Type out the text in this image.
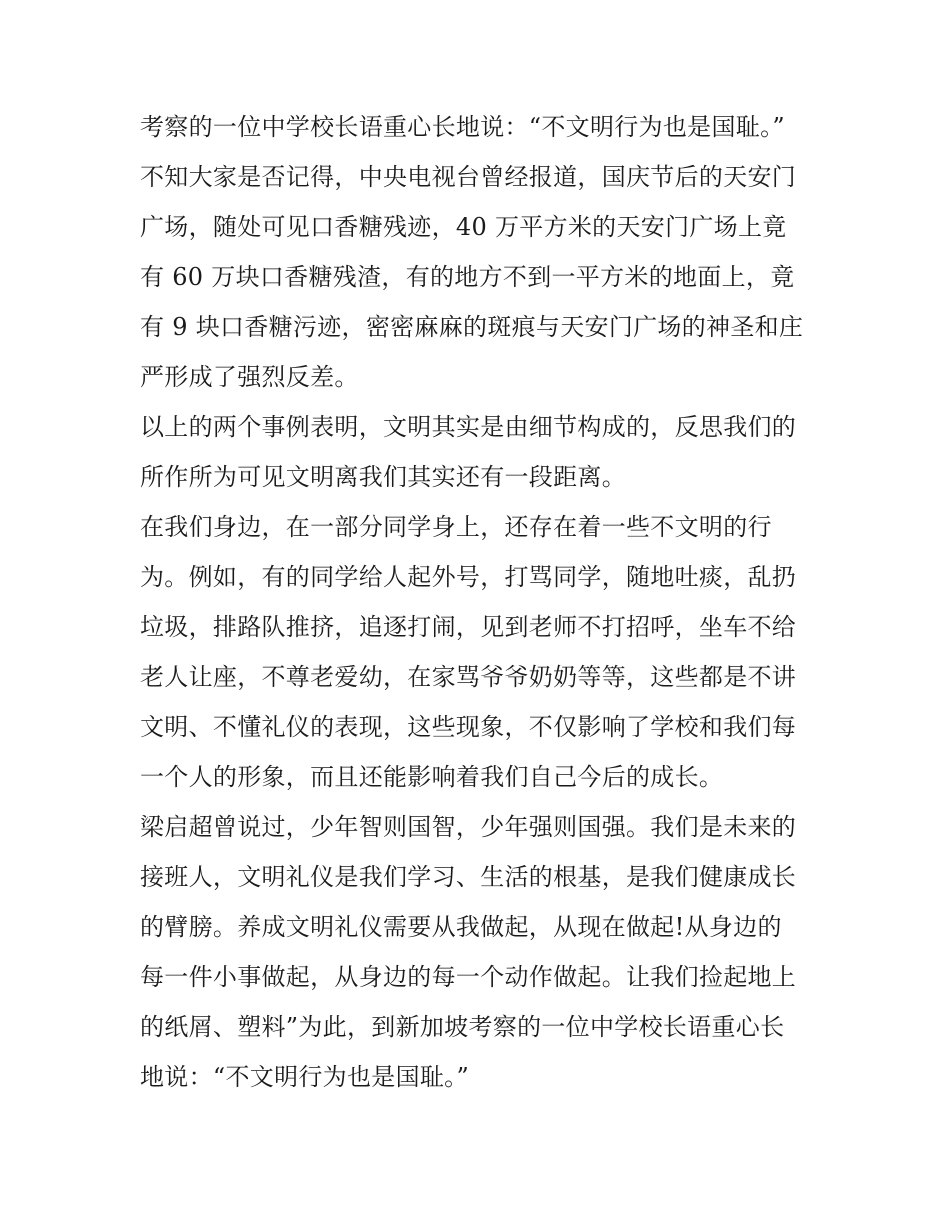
考察的一位中学校长语重心长地说：“不文明行为也是国耻。”
不知大家是否记得，中央电视台曾经报道，国庆节后的天安门
广场，随处可见口香糖残迹，40 万平方米的天安门广场上竟
有 60 万块口香糖残渣，有的地方不到一平方米的地面上，竟
有 9 块口香糖污迹，密密麻麻的斑痕与天安门广场的神圣和庄
严形成了强烈反差。
以上的两个事例表明，文明其实是由细节构成的，反思我们的
所作所为可见文明离我们其实还有一段距离。
在我们身边，在一部分同学身上，还存在着一些不文明的行
为。例如，有的同学给人起外号，打骂同学，随地吐痰，乱扔
垃圾，排路队推挤，追逐打闹，见到老师不打招呼，坐车不给
老人让座，不尊老爱幼，在家骂爷爷奶奶等等，这些都是不讲
文明、不懂礼仪的表现，这些现象，不仅影响了学校和我们每
一个人的形象，而且还能影响着我们自己今后的成长。
梁启超曾说过，少年智则国智，少年强则国强。我们是未来的
接班人，文明礼仪是我们学习、生活的根基，是我们健康成长
的臂膀。养成文明礼仪需要从我做起，从现在做起!从身边的
每一件小事做起，从身边的每一个动作做起。让我们捡起地上
的纸屑、塑料”为此，到新加坡考察的一位中学校长语重心长
地说：“不文明行为也是国耻。”
